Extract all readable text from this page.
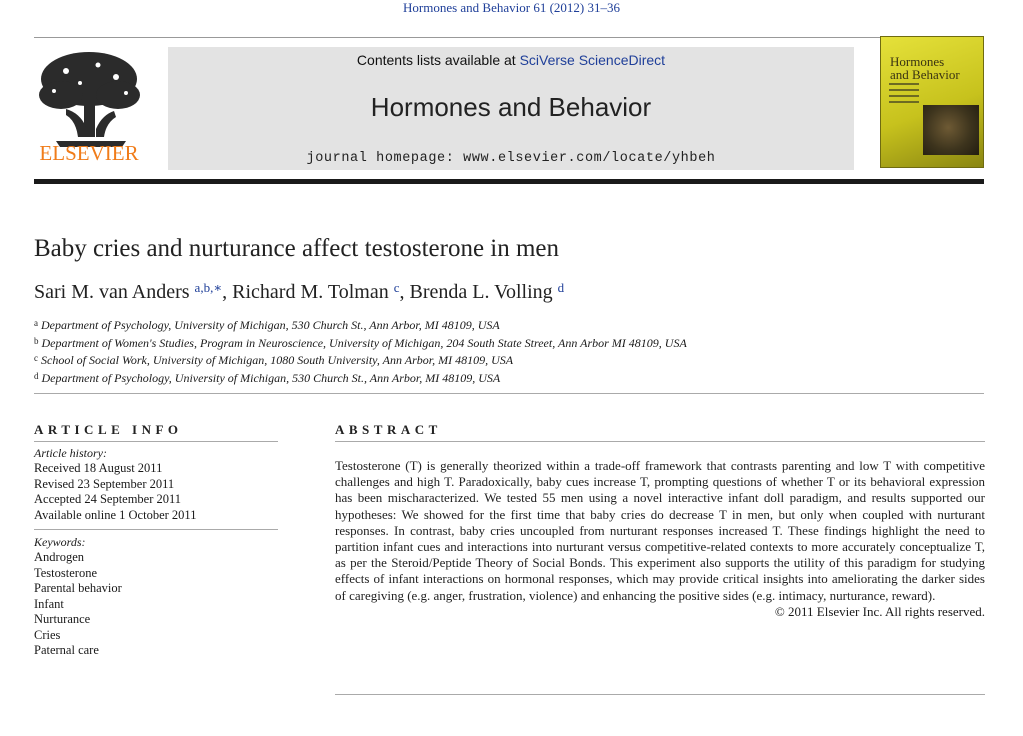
Hormones and Behavior 61 (2012) 31–36
ELSEVIER
Contents lists available at SciVerse ScienceDirect
Hormones and Behavior
journal homepage: www.elsevier.com/locate/yhbeh
Hormones
and Behavior
Baby cries and nurturance affect testosterone in men
Sari M. van Anders $^{a,b,∗}$, Richard M. Tolman $^c$, Brenda L. Volling $^d$
$^a$ Department of Psychology, University of Michigan, 530 Church St., Ann Arbor, MI 48109, USA
$^b$ Department of Women's Studies, Program in Neuroscience, University of Michigan, 204 South State Street, Ann Arbor MI 48109, USA
$^c$ School of Social Work, University of Michigan, 1080 South University, Ann Arbor, MI 48109, USA
$^d$ Department of Psychology, University of Michigan, 530 Church St., Ann Arbor, MI 48109, USA
ARTICLE INFO	ABSTRACT
Article history:
Received 18 August 2011
Revised 23 September 2011
Accepted 24 September 2011
Available online 1 October 2011
Keywords:
Androgen
Testosterone
Parental behavior
Infant
Nurturance
Cries
Paternal care
Testosterone (T) is generally theorized within a trade-off framework that contrasts parenting and low T with competitive challenges and high T. Paradoxically, baby cues increase T, prompting questions of whether T or its behavioral expression has been mischaracterized. We tested 55 men using a novel interactive infant doll paradigm, and results supported our hypotheses: We showed for the first time that baby cries do decrease T in men, but only when coupled with nurturant responses. In contrast, baby cries uncoupled from nurturant responses increased T. These findings highlight the need to partition infant cues and interactions into nurturant versus competitive-related contexts to more accurately conceptualize T, as per the Steroid/Peptide Theory of Social Bonds. This experiment also supports the utility of this paradigm for studying effects of infant interactions on hormonal responses, which may provide critical insights into ameliorating the darker sides of caregiving (e.g. anger, frustration, violence) and enhancing the positive sides (e.g. intimacy, nurturance, reward).
© 2011 Elsevier Inc. All rights reserved.
